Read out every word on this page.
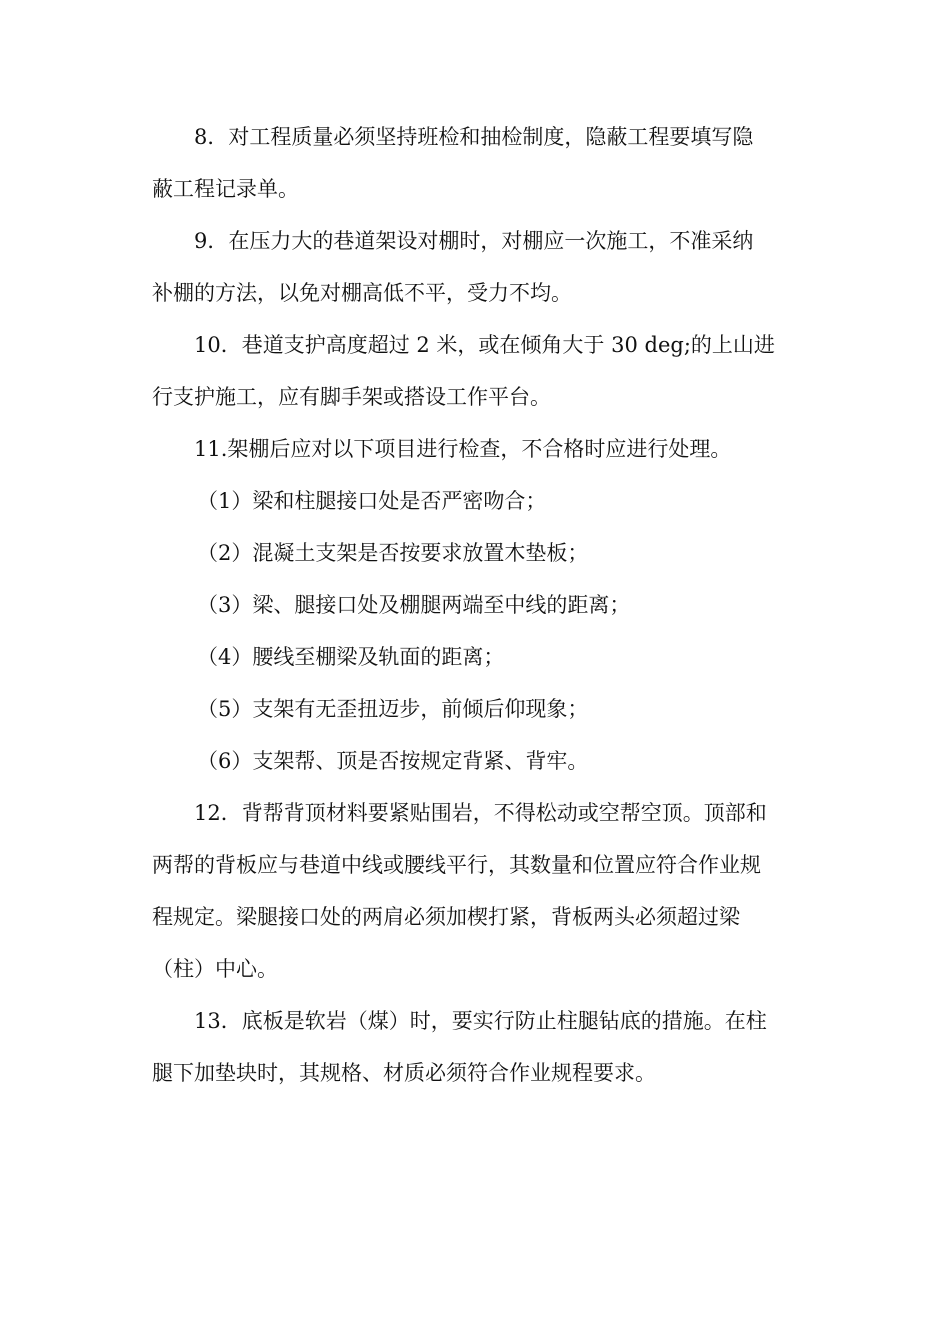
8．对工程质量必须坚持班检和抽检制度，隐蔽工程要填写隐
蔽工程记录单。
9．在压力大的巷道架设对棚时，对棚应一次施工，不准采纳
补棚的方法，以免对棚高低不平，受力不均。
10．巷道支护高度超过 2 米，或在倾角大于 30 deg;的上山进
行支护施工，应有脚手架或搭设工作平台。
11.架棚后应对以下项目进行检查，不合格时应进行处理。
（1）梁和柱腿接口处是否严密吻合；
（2）混凝土支架是否按要求放置木垫板；
（3）梁、腿接口处及棚腿两端至中线的距离；
（4）腰线至棚梁及轨面的距离；
（5）支架有无歪扭迈步，前倾后仰现象；
（6）支架帮、顶是否按规定背紧、背牢。
12．背帮背顶材料要紧贴围岩，不得松动或空帮空顶。顶部和
两帮的背板应与巷道中线或腰线平行，其数量和位置应符合作业规
程规定。梁腿接口处的两肩必须加楔打紧，背板两头必须超过梁
（柱）中心。
13．底板是软岩（煤）时，要实行防止柱腿钻底的措施。在柱
腿下加垫块时，其规格、材质必须符合作业规程要求。
